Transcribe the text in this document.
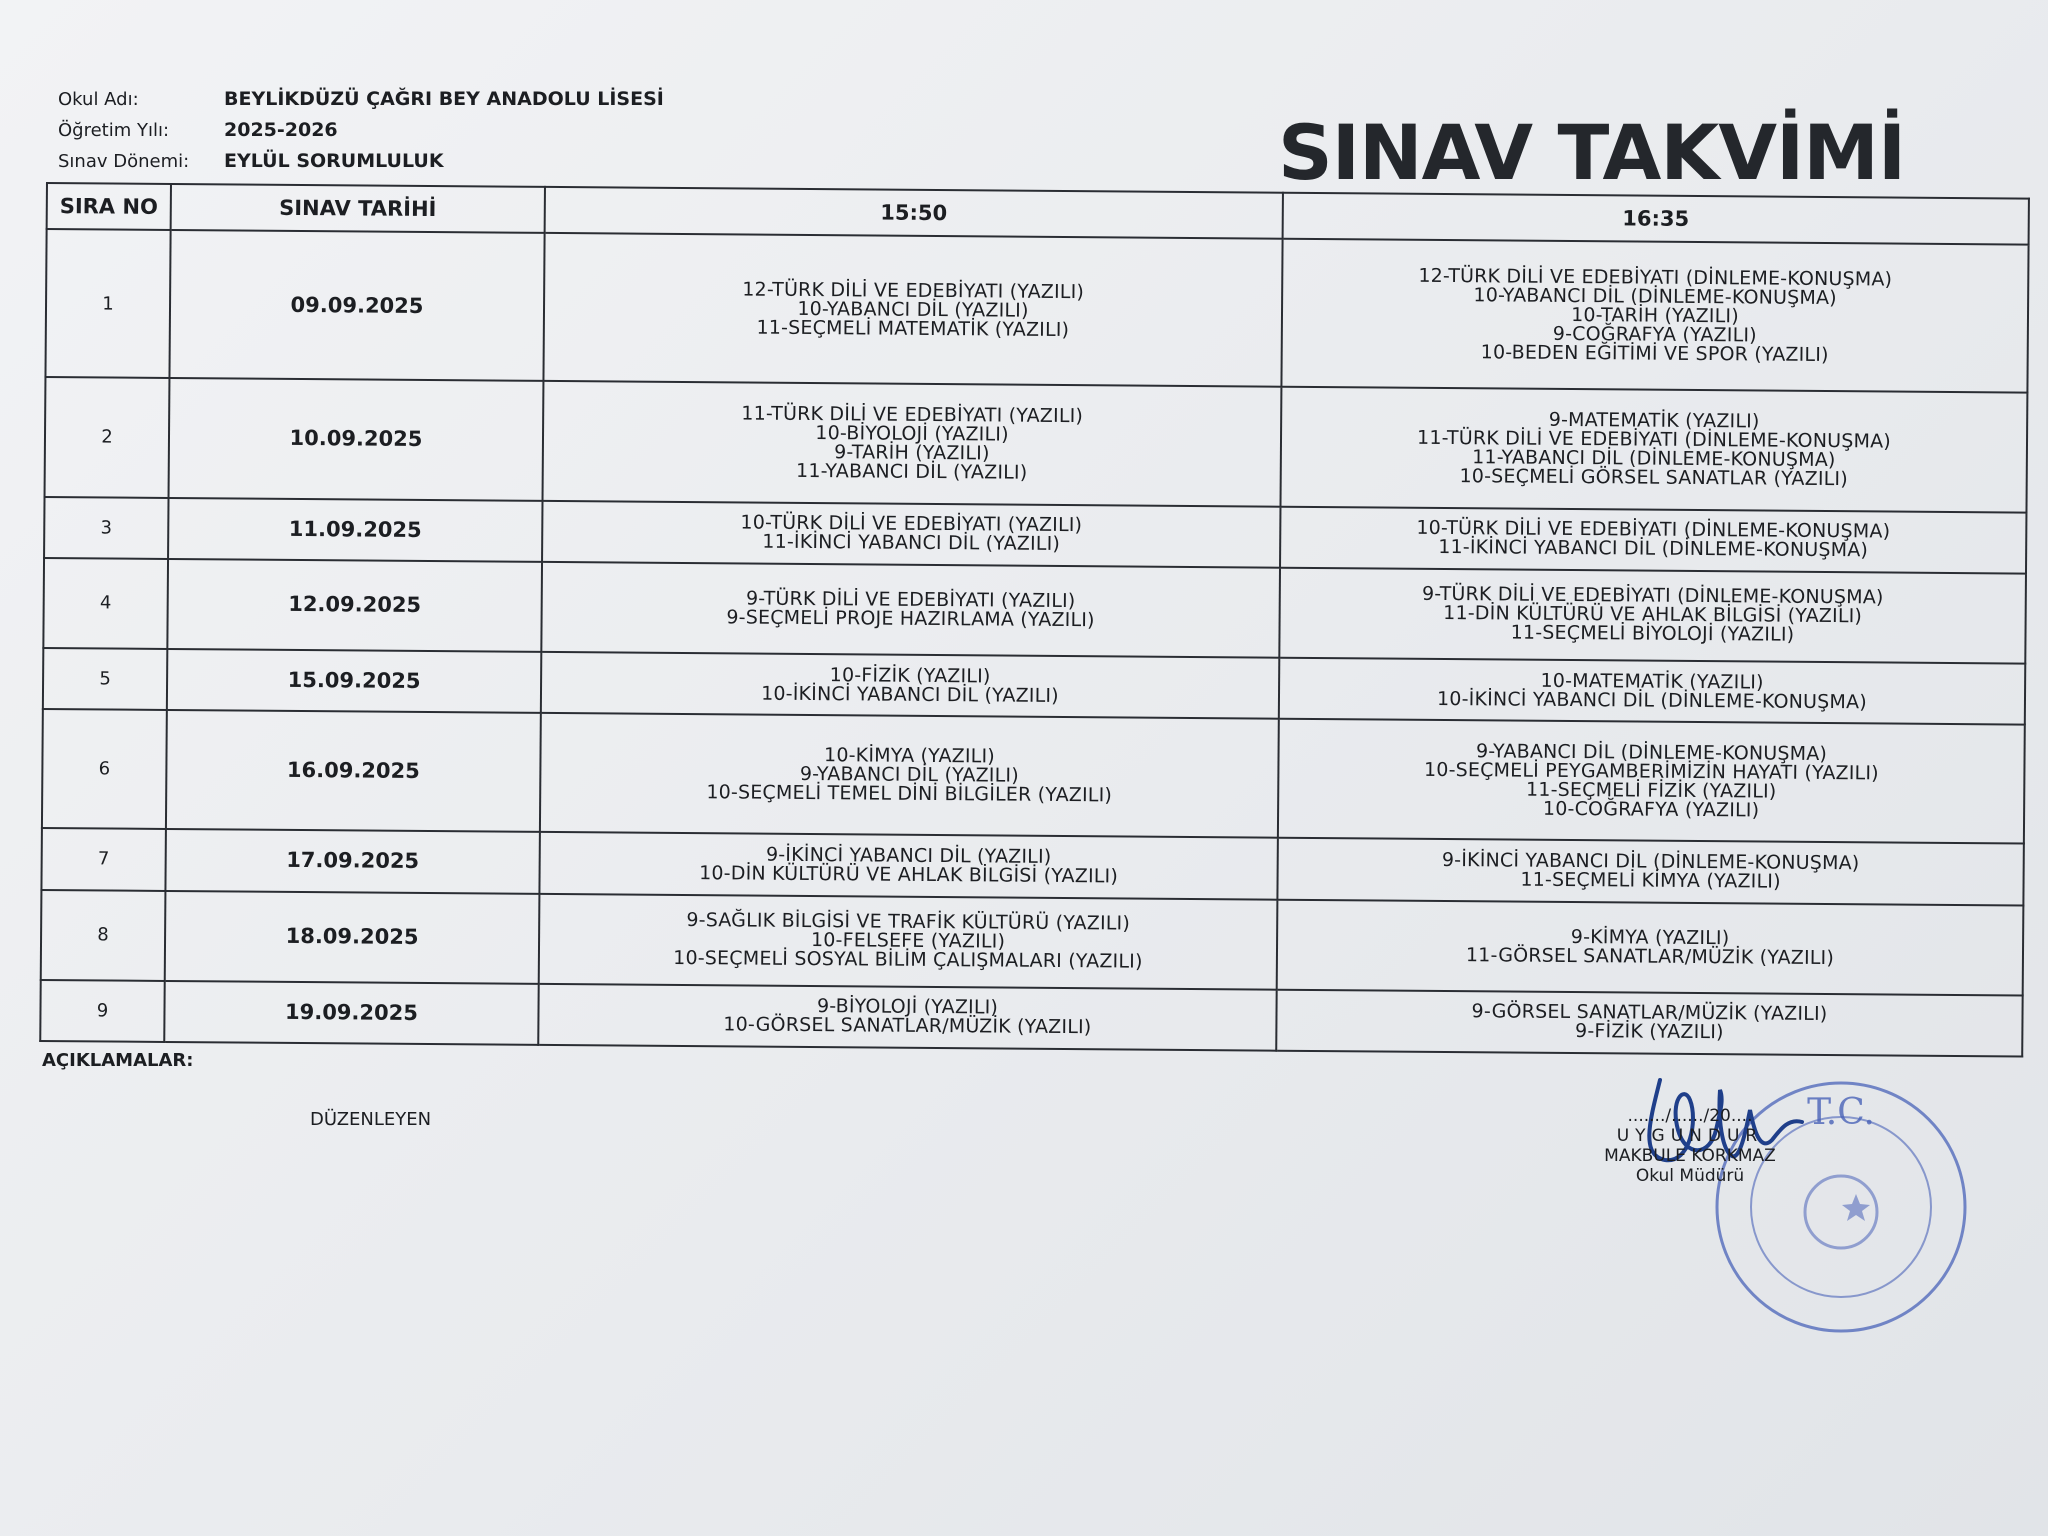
Okul Adı:	BEYLİKDÜZÜ ÇAĞRI BEY ANADOLU LİSESİ
Öğretim Yılı:	2025-2026
Sınav Dönemi:	EYLÜL SORUMLULUK	SINAV TAKVİMİ
SIRA NO	SINAV TARİHİ	15:50	16:35
1	09.09.2025	12-TÜRK DİLİ VE EDEBİYATI (YAZILI)
10-YABANCI DİL (YAZILI)
11-SEÇMELİ MATEMATİK (YAZILI)	12-TÜRK DİLİ VE EDEBİYATI (DİNLEME-KONUŞMA)
10-YABANCI DİL (DİNLEME-KONUŞMA)
10-TARİH (YAZILI)
9-COĞRAFYA (YAZILI)
10-BEDEN EĞİTİMİ VE SPOR (YAZILI)

2	10.09.2025	11-TÜRK DİLİ VE EDEBİYATI (YAZILI)
10-BİYOLOJİ (YAZILI)
9-TARİH (YAZILI)
11-YABANCI DİL (YAZILI)	9-MATEMATİK (YAZILI)
11-TÜRK DİLİ VE EDEBİYATI (DİNLEME-KONUŞMA)
11-YABANCI DİL (DİNLEME-KONUŞMA)
10-SEÇMELİ GÖRSEL SANATLAR (YAZILI)

3	11.09.2025	10-TÜRK DİLİ VE EDEBİYATI (YAZILI)
11-İKİNCİ YABANCI DİL (YAZILI)	10-TÜRK DİLİ VE EDEBİYATI (DİNLEME-KONUŞMA)
11-İKİNCİ YABANCI DİL (DİNLEME-KONUŞMA)

4	12.09.2025	9-TÜRK DİLİ VE EDEBİYATI (YAZILI)
9-SEÇMELİ PROJE HAZIRLAMA (YAZILI)	9-TÜRK DİLİ VE EDEBİYATI (DİNLEME-KONUŞMA)
11-DİN KÜLTÜRÜ VE AHLAK BİLGİSİ (YAZILI)
11-SEÇMELİ BİYOLOJİ (YAZILI)

5	15.09.2025	10-FİZİK (YAZILI)
10-İKİNCİ YABANCI DİL (YAZILI)	10-MATEMATİK (YAZILI)
10-İKİNCİ YABANCI DİL (DİNLEME-KONUŞMA)

6	16.09.2025	10-KİMYA (YAZILI)
9-YABANCI DİL (YAZILI)
10-SEÇMELİ TEMEL DİNİ BİLGİLER (YAZILI)	9-YABANCI DİL (DİNLEME-KONUŞMA)
10-SEÇMELİ PEYGAMBERİMİZİN HAYATI (YAZILI)
11-SEÇMELİ FİZİK (YAZILI)
10-COĞRAFYA (YAZILI)

7	17.09.2025	9-İKİNCİ YABANCI DİL (YAZILI)
10-DİN KÜLTÜRÜ VE AHLAK BİLGİSİ (YAZILI)	9-İKİNCİ YABANCI DİL (DİNLEME-KONUŞMA)
11-SEÇMELİ KİMYA (YAZILI)

8	18.09.2025	9-SAĞLIK BİLGİSİ VE TRAFİK KÜLTÜRÜ (YAZILI)
10-FELSEFE (YAZILI)
10-SEÇMELİ SOSYAL BİLİM ÇALIŞMALARI (YAZILI)	9-KİMYA (YAZILI)
11-GÖRSEL SANATLAR/MÜZİK (YAZILI)

9	19.09.2025	9-BİYOLOJİ (YAZILI)
10-GÖRSEL SANATLAR/MÜZİK (YAZILI)	9-GÖRSEL SANATLAR/MÜZİK (YAZILI)
9-FİZİK (YAZILI)
AÇIKLAMALAR:
DÜZENLEYEN	T.C.
......./....../20....
UYGUNDUR
MAKBULE KORKMAZ
Okul Müdürü
